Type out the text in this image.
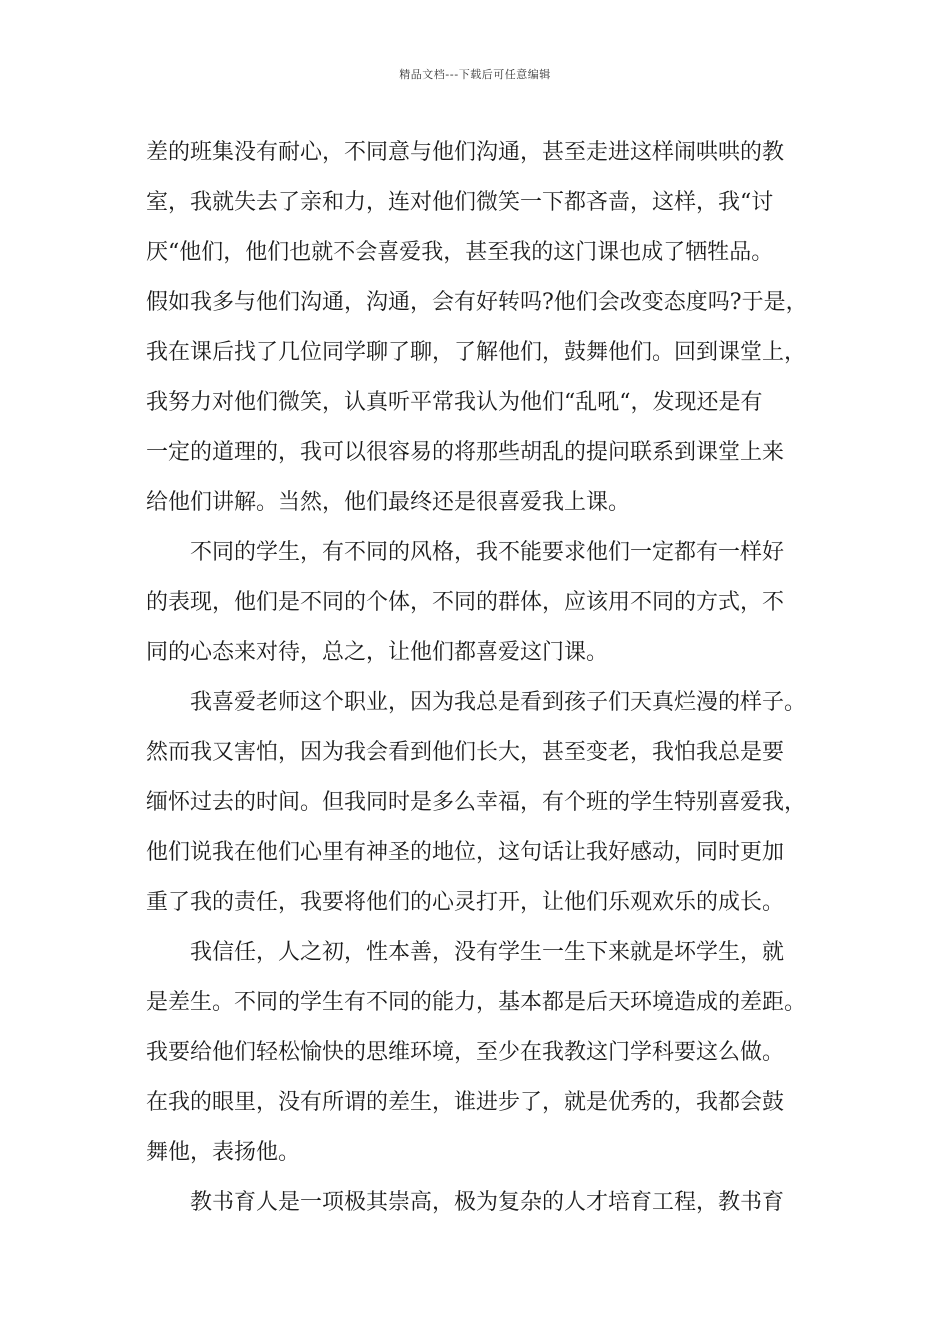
精品文档---下载后可任意编辑
差的班集没有耐心，不同意与他们沟通，甚至走进这样闹哄哄的教
室，我就失去了亲和力，连对他们微笑一下都吝啬，这样，我“讨
厌“他们，他们也就不会喜爱我，甚至我的这门课也成了牺牲品。
假如我多与他们沟通，沟通，会有好转吗?他们会改变态度吗?于是，
我在课后找了几位同学聊了聊，了解他们，鼓舞他们。回到课堂上，
我努力对他们微笑，认真听平常我认为他们“乱吼“，发现还是有
一定的道理的，我可以很容易的将那些胡乱的提问联系到课堂上来
给他们讲解。当然，他们最终还是很喜爱我上课。
不同的学生，有不同的风格，我不能要求他们一定都有一样好
的表现，他们是不同的个体，不同的群体，应该用不同的方式，不
同的心态来对待，总之，让他们都喜爱这门课。
我喜爱老师这个职业，因为我总是看到孩子们天真烂漫的样子。
然而我又害怕，因为我会看到他们长大，甚至变老，我怕我总是要
缅怀过去的时间。但我同时是多么幸福，有个班的学生特别喜爱我，
他们说我在他们心里有神圣的地位，这句话让我好感动，同时更加
重了我的责任，我要将他们的心灵打开，让他们乐观欢乐的成长。
我信任，人之初，性本善，没有学生一生下来就是坏学生，就
是差生。不同的学生有不同的能力，基本都是后天环境造成的差距。
我要给他们轻松愉快的思维环境，至少在我教这门学科要这么做。
在我的眼里，没有所谓的差生，谁进步了，就是优秀的，我都会鼓
舞他，表扬他。
教书育人是一项极其崇高，极为复杂的人才培育工程，教书育
